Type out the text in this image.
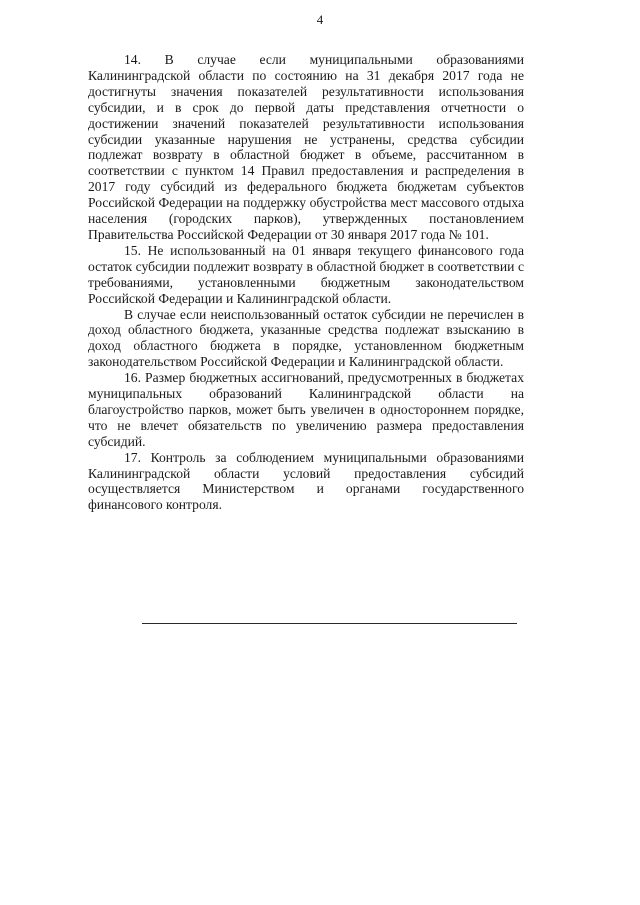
4

14. В случае если муниципальными образованиями Калининградской области по состоянию на 31 декабря 2017 года не достигнуты значения показателей результативности использования субсидии, и в срок до первой даты представления отчетности о достижении значений показателей результативности использования субсидии указанные нарушения не устранены, средства субсидии подлежат возврату в областной бюджет в объеме, рассчитанном в соответствии с пунктом 14 Правил предоставления и распределения в 2017 году субсидий из федерального бюджета бюджетам субъектов Российской Федерации на поддержку обустройства мест массового отдыха населения (городских парков), утвержденных постановлением Правительства Российской Федерации от 30 января 2017 года № 101.

15. Не использованный на 01 января текущего финансового года остаток субсидии подлежит возврату в областной бюджет в соответствии с требованиями, установленными бюджетным законодательством Российской Федерации и Калининградской области.

В случае если неиспользованный остаток субсидии не перечислен в доход областного бюджета, указанные средства подлежат взысканию в доход областного бюджета в порядке, установленном бюджетным законодательством Российской Федерации и Калининградской области.

16. Размер бюджетных ассигнований, предусмотренных в бюджетах муниципальных образований Калининградской области на благоустройство парков, может быть увеличен в одностороннем порядке, что не влечет обязательств по увеличению размера предоставления субсидий.

17. Контроль за соблюдением муниципальными образованиями Калининградской области условий предоставления субсидий осуществляется Министерством и органами государственного финансового контроля.
